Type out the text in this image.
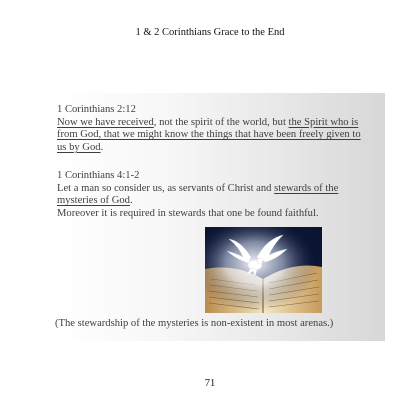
1 & 2 Corinthians Grace to the End
1 Corinthians 2:12
Now we have received, not the spirit of the world, but the Spirit who is
from God, that we might know the things that have been freely given to
us by God.
1 Corinthians 4:1-2
Let a man so consider us, as servants of Christ and stewards of the
mysteries of God.
Moreover it is required in stewards that one be found faithful.
(The stewardship of the mysteries is non-existent in most arenas.)
71
